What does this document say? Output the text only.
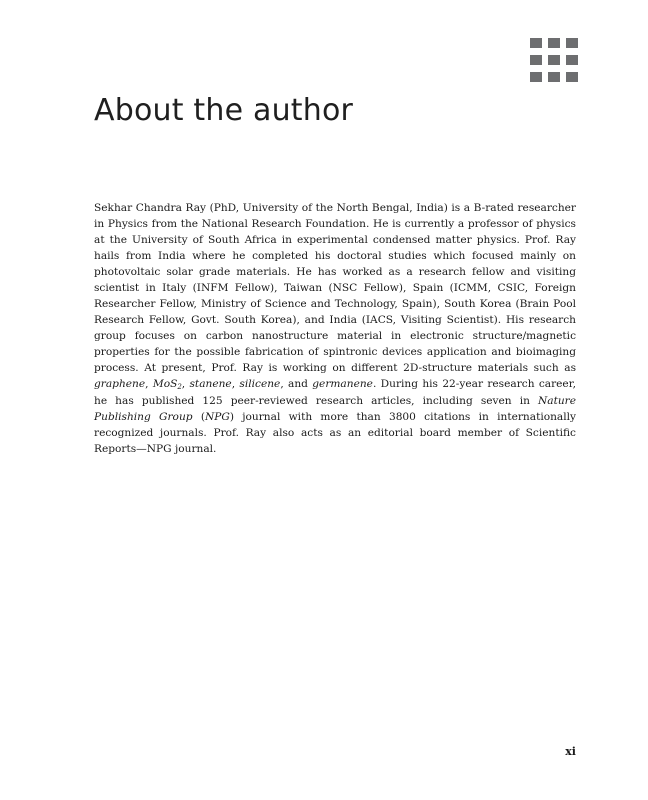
About the author

Sekhar Chandra Ray (PhD, University of the North Bengal, India) is a B-rated researcher in Physics from the National Research Foundation. He is currently a professor of physics at the University of South Africa in experimental condensed matter physics. Prof. Ray hails from India where he completed his doctoral studies which focused mainly on photovoltaic solar grade materials. He has worked as a research fellow and visiting scientist in Italy (INFM Fellow), Taiwan (NSC Fellow), Spain (ICMM, CSIC, Foreign Researcher Fellow, Ministry of Science and Technology, Spain), South Korea (Brain Pool Research Fellow, Govt. South Korea), and India (IACS, Visiting Scientist). His research group focuses on carbon nanostructure material in electronic structure/magnetic properties for the possible fabrication of spintronic devices application and bioimaging process. At present, Prof. Ray is working on different 2D-structure materials such as graphene, MoS$_2$, stanene, silicene, and germanene. During his 22-year research career, he has published 125 peer-reviewed research articles, including seven in Nature Publishing Group (NPG) journal with more than 3800 citations in internationally recognized journals. Prof. Ray also acts as an editorial board member of Scientific Reports—NPG journal.

xi
